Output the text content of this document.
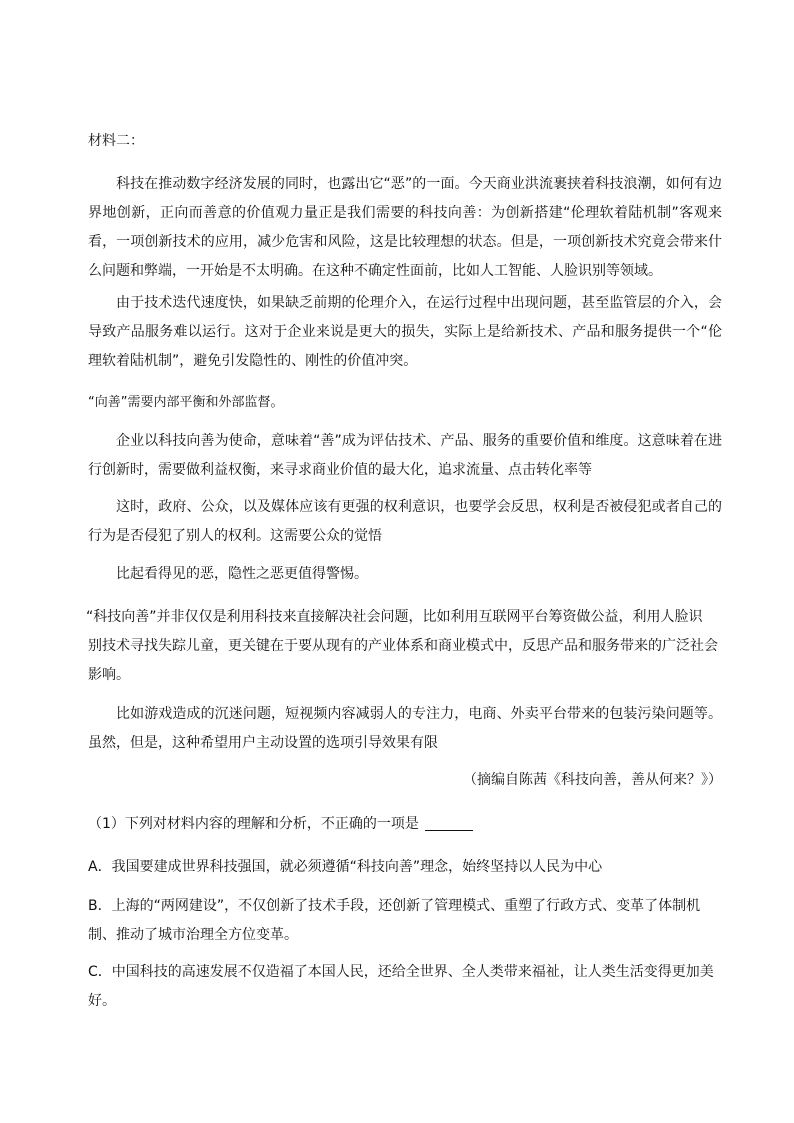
材料二：

科技在推动数字经济发展的同时，也露出它“恶”的一面。今天商业洪流裹挟着科技浪潮，如何有边界地创新，正向而善意的价值观力量正是我们需要的科技向善：为创新搭建“伦理软着陆机制”客观来看，一项创新技术的应用，减少危害和风险，这是比较理想的状态。但是，一项创新技术究竟会带来什么问题和弊端，一开始是不太明确。在这种不确定性面前，比如人工智能、人脸识别等领域。

由于技术迭代速度快，如果缺乏前期的伦理介入，在运行过程中出现问题，甚至监管层的介入，会导致产品服务难以运行。这对于企业来说是更大的损失，实际上是给新技术、产品和服务提供一个“伦理软着陆机制”，避免引发隐性的、刚性的价值冲突。

“向善”需要内部平衡和外部监督。

企业以科技向善为使命，意味着“善”成为评估技术、产品、服务的重要价值和维度。这意味着在进行创新时，需要做利益权衡，来寻求商业价值的最大化，追求流量、点击转化率等

这时，政府、公众，以及媒体应该有更强的权利意识，也要学会反思，权利是否被侵犯或者自己的行为是否侵犯了别人的权利。这需要公众的觉悟

比起看得见的恶，隐性之恶更值得警惕。

“科技向善”并非仅仅是利用科技来直接解决社会问题，比如利用互联网平台筹资做公益，利用人脸识
别技术寻找失踪儿童，更关键在于要从现有的产业体系和商业模式中，反思产品和服务带来的广泛社会影响。

比如游戏造成的沉迷问题，短视频内容减弱人的专注力，电商、外卖平台带来的包装污染问题等。虽然，但是，这种希望用户主动设置的选项引导效果有限

（摘编自陈茜《科技向善，善从何来？》）

（1）下列对材料内容的理解和分析，不正确的一项是

A．我国要建成世界科技强国，就必须遵循“科技向善”理念，始终坚持以人民为中心

B．上海的“两网建设”，不仅创新了技术手段，还创新了管理模式、重塑了行政方式、变革了体制机制、推动了城市治理全方位变革。

C．中国科技的高速发展不仅造福了本国人民，还给全世界、全人类带来福祉，让人类生活变得更加美好。
